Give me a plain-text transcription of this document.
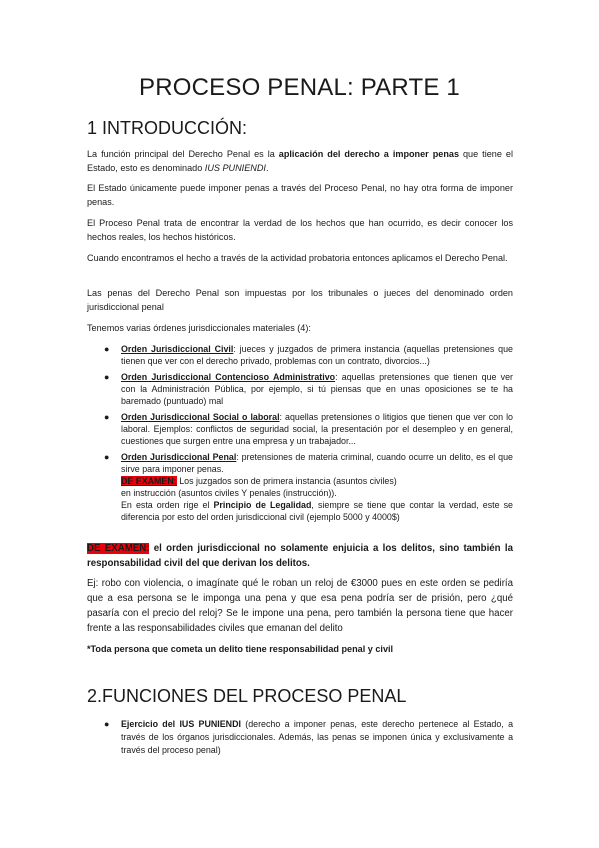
PROCESO PENAL: PARTE 1
1 INTRODUCCIÓN:

La función principal del Derecho Penal es la aplicación del derecho a imponer penas que tiene el Estado, esto es denominado IUS PUNIENDI.

El Estado únicamente puede imponer penas a través del Proceso Penal, no hay otra forma de imponer penas.

El Proceso Penal trata de encontrar la verdad de los hechos que han ocurrido, es decir conocer los hechos reales, los hechos históricos.

Cuando encontramos el hecho a través de la actividad probatoria entonces aplicamos el Derecho Penal.

Las penas del Derecho Penal son impuestas por los tribunales o jueces del denominado orden jurisdiccional penal

Tenemos varias órdenes jurisdiccionales materiales (4):

● Orden Jurisdiccional Civil: jueces y juzgados de primera instancia (aquellas pretensiones que tienen que ver con el derecho privado, problemas con un contrato, divorcios...)
● Orden Jurisdiccional Contencioso Administrativo: aquellas pretensiones que tienen que ver con la Administración Pública, por ejemplo, si tú piensas que en unas oposiciones se te ha baremado (puntuado) mal
● Orden Jurisdiccional Social o laboral: aquellas pretensiones o litigios que tienen que ver con lo laboral. Ejemplos: conflictos de seguridad social, la presentación por el desempleo y en general, cuestiones que surgen entre una empresa y un trabajador...
● Orden Jurisdiccional Penal: pretensiones de materia criminal, cuando ocurre un delito, es el que sirve para imponer penas.
DE EXAMEN: Los juzgados son de primera instancia (asuntos civiles)
en instrucción (asuntos civiles Y penales (instrucción)).
En esta orden rige el Principio de Legalidad, siempre se tiene que contar la verdad, este se diferencia por esto del orden jurisdiccional civil (ejemplo 5000 y 4000$)

DE EXAMEN: el orden jurisdiccional no solamente enjuicia a los delitos, sino también la responsabilidad civil del que derivan los delitos.

Ej: robo con violencia, o imagínate qué le roban un reloj de €3000 pues en este orden se pediría que a esa persona se le imponga una pena y que esa pena podría ser de prisión, pero ¿qué pasaría con el precio del reloj? Se le impone una pena, pero también la persona tiene que hacer frente a las responsabilidades civiles que emanan del delito

*Toda persona que cometa un delito tiene responsabilidad penal y civil

2.FUNCIONES DEL PROCESO PENAL
● Ejercicio del IUS PUNIENDI (derecho a imponer penas, este derecho pertenece al Estado, a través de los órganos jurisdiccionales. Además, las penas se imponen única y exclusivamente a través del proceso penal)
